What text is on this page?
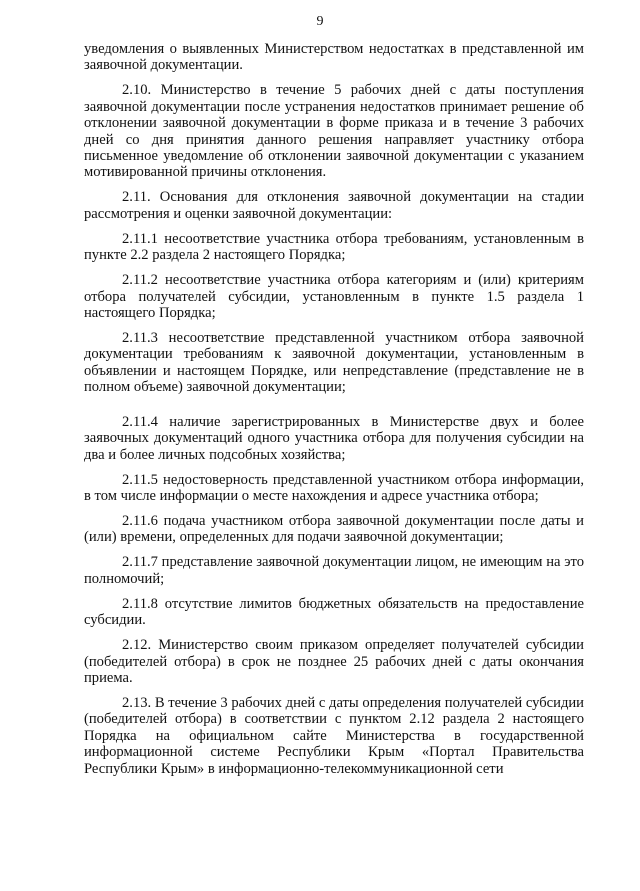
9

уведомления о выявленных Министерством недостатках в представленной им заявочной документации.

2.10. Министерство в течение 5 рабочих дней с даты поступления заявочной документации после устранения недостатков принимает решение об отклонении заявочной документации в форме приказа и в течение 3 рабочих дней со дня принятия данного решения направляет участнику отбора письменное уведомление об отклонении заявочной документации с указанием мотивированной причины отклонения.

2.11. Основания для отклонения заявочной документации на стадии рассмотрения и оценки заявочной документации:

2.11.1 несоответствие участника отбора требованиям, установленным в пункте 2.2 раздела 2 настоящего Порядка;

2.11.2 несоответствие участника отбора категориям и (или) критериям отбора получателей субсидии, установленным в пункте 1.5 раздела 1 настоящего Порядка;

2.11.3 несоответствие представленной участником отбора заявочной документации требованиям к заявочной документации, установленным в объявлении и настоящем Порядке, или непредставление (представление не в полном объеме) заявочной документации;

2.11.4 наличие зарегистрированных в Министерстве двух и более заявочных документаций одного участника отбора для получения субсидии на два и более личных подсобных хозяйства;

2.11.5 недостоверность представленной участником отбора информации, в том числе информации о месте нахождения и адресе участника отбора;

2.11.6 подача участником отбора заявочной документации после даты и (или) времени, определенных для подачи заявочной документации;

2.11.7 представление заявочной документации лицом, не имеющим на это полномочий;

2.11.8 отсутствие лимитов бюджетных обязательств на предоставление субсидии.

2.12. Министерство своим приказом определяет получателей субсидии (победителей отбора) в срок не позднее 25 рабочих дней с даты окончания приема.

2.13. В течение 3 рабочих дней с даты определения получателей субсидии (победителей отбора) в соответствии с пунктом 2.12 раздела 2 настоящего Порядка на официальном сайте Министерства в государственной информационной системе Республики Крым «Портал Правительства Республики Крым» в информационно-телекоммуникационной сети
